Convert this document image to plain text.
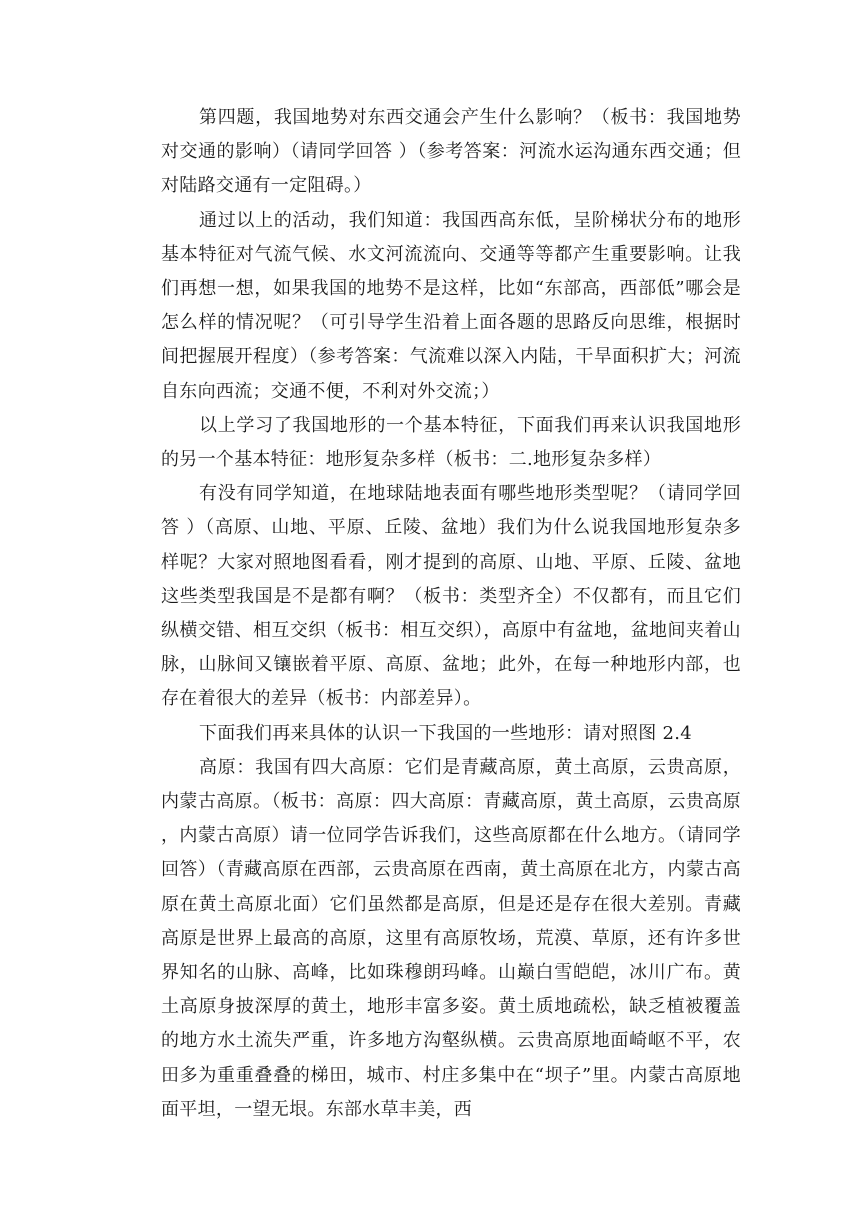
第四题，我国地势对东西交通会产生什么影响？（板书：我国地势对交通的影响）（请同学回答 ）（参考答案：河流水运沟通东西交通；但对陆路交通有一定阻碍。）

通过以上的活动，我们知道：我国西高东低，呈阶梯状分布的地形基本特征对气流气候、水文河流流向、交通等等都产生重要影响。让我们再想一想，如果我国的地势不是这样，比如“东部高，西部低”哪会是怎么样的情况呢？（可引导学生沿着上面各题的思路反向思维，根据时间把握展开程度）（参考答案：气流难以深入内陆，干旱面积扩大；河流自东向西流；交通不便，不利对外交流；）

以上学习了我国地形的一个基本特征，下面我们再来认识我国地形的另一个基本特征：地形复杂多样（板书：二.地形复杂多样）

有没有同学知道，在地球陆地表面有哪些地形类型呢？（请同学回答 ）（高原、山地、平原、丘陵、盆地）我们为什么说我国地形复杂多样呢？大家对照地图看看，刚才提到的高原、山地、平原、丘陵、盆地这些类型我国是不是都有啊？（板书：类型齐全）不仅都有，而且它们纵横交错、相互交织（板书：相互交织），高原中有盆地，盆地间夹着山脉，山脉间又镶嵌着平原、高原、盆地；此外，在每一种地形内部，也存在着很大的差异（板书：内部差异）。

下面我们再来具体的认识一下我国的一些地形：请对照图 2.4

高原：我国有四大高原：它们是青藏高原，黄土高原，云贵高原，内蒙古高原。（板书：高原：四大高原：青藏高原，黄土高原，云贵高原，内蒙古高原）请一位同学告诉我们，这些高原都在什么地方。（请同学回答）（青藏高原在西部，云贵高原在西南，黄土高原在北方，内蒙古高原在黄土高原北面）它们虽然都是高原，但是还是存在很大差别。青藏高原是世界上最高的高原，这里有高原牧场，荒漠、草原，还有许多世界知名的山脉、高峰，比如珠穆朗玛峰。山巅白雪皑皑，冰川广布。黄土高原身披深厚的黄土，地形丰富多姿。黄土质地疏松，缺乏植被覆盖的地方水土流失严重，许多地方沟壑纵横。云贵高原地面崎岖不平，农田多为重重叠叠的梯田，城市、村庄多集中在“坝子”里。内蒙古高原地面平坦，一望无垠。东部水草丰美，西
